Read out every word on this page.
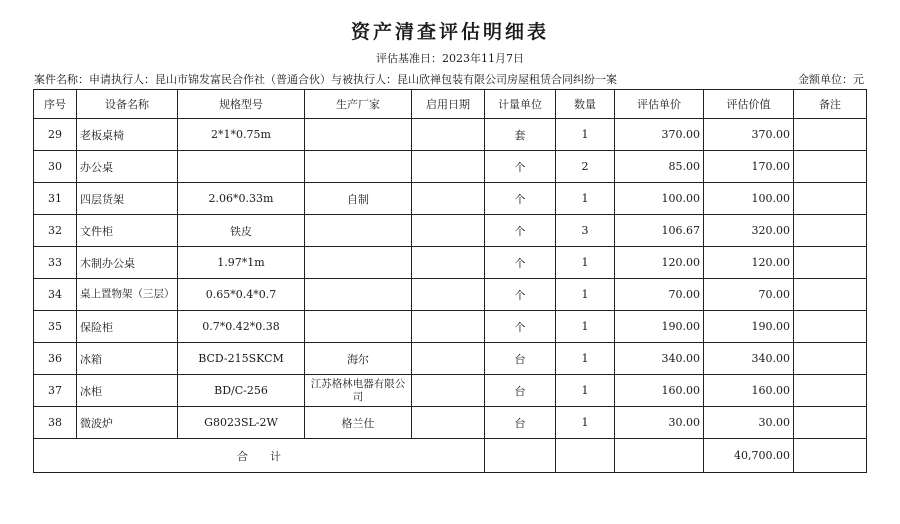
资产清查评估明细表
评估基准日：2023年11月7日
案件名称：申请执行人：昆山市锦发富民合作社（普通合伙）与被执行人：昆山欣禅包装有限公司房屋租赁合同纠纷一案	金额单位：元
序号	设备名称	规格型号	生产厂家	启用日期	计量单位	数量	评估单价	评估价值	备注
29	老板桌椅	2*1*0.75m			套	1	370.00	370.00	
30	办公桌				个	2	85.00	170.00	
31	四层货架	2.06*0.33m	自制		个	1	100.00	100.00	
32	文件柜	铁皮			个	3	106.67	320.00	
33	木制办公桌	1.97*1m			个	1	120.00	120.00	
34	桌上置物架（三层）	0.65*0.4*0.7			个	1	70.00	70.00	
35	保险柜	0.7*0.42*0.38			个	1	190.00	190.00	
36	冰箱	BCD-215SKCM	海尔		台	1	340.00	340.00	
37	冰柜	BD/C-256	江苏格林电器有限公司		台	1	160.00	160.00	
38	微波炉	G8023SL-2W	格兰仕		台	1	30.00	30.00	
合　　计								40,700.00	
